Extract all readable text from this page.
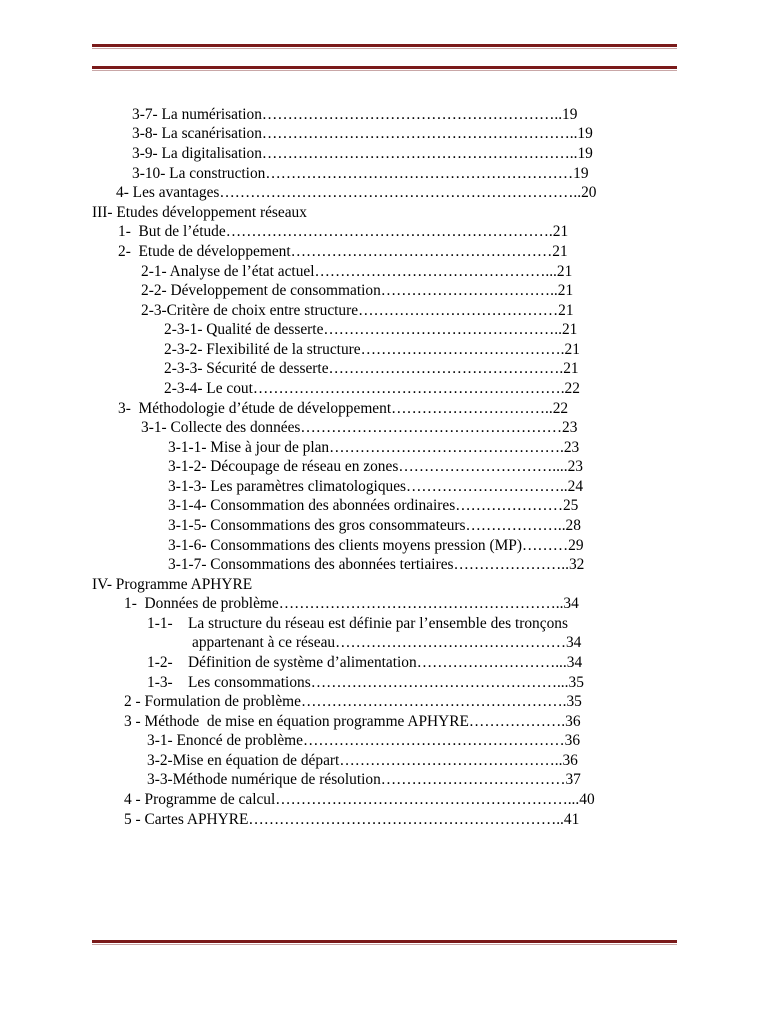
3-7- La numérisation…………………………………………………..19
3-8- La scanérisation……………………………………………………..19
3-9- La digitalisation……………………………………………………..19
3-10- La construction……………………………………………………19
4- Les avantages……………………………………………………………..20
III- Etudes développement réseaux
1-  But de l’étude……………………………………………………….21
2-  Etude de développement……………………………………………21
2-1- Analyse de l’état actuel………………………………………...21
2-2- Développement de consommation……………………………..21
2-3-Critère de choix entre structure…………………………………21
2-3-1- Qualité de desserte………………………………………..21
2-3-2- Flexibilité de la structure………………………………….21
2-3-3- Sécurité de desserte……………………………………….21
2-3-4- Le cout…………………………………………………….22
3-  Méthodologie d’étude de développement…………………………..22
3-1- Collecte des données……………………………………………23
3-1-1- Mise à jour de plan……………………………………….23
3-1-2- Découpage de réseau en zones…………………………....23
3-1-3- Les paramètres climatologiques…………………………..24
3-1-4- Consommation des abonnées ordinaires…………………25
3-1-5- Consommations des gros consommateurs………………..28
3-1-6- Consommations des clients moyens pression (MP)………29
3-1-7- Consommations des abonnées tertiaires…………………..32
IV- Programme APHYRE
1-  Données de problème………………………………………………..34
1-1-    La structure du réseau est définie par l’ensemble des tronçons
appartenant à ce réseau………………………………………34
1-2-    Définition de système d’alimentation………………………...34
1-3-    Les consommations…………………………………………...35
2 - Formulation de problème…………………………………………….35
3 - Méthode  de mise en équation programme APHYRE……………….36
3-1- Enoncé de problème……………………………………………36
3-2-Mise en équation de départ……………………………………..36
3-3-Méthode numérique de résolution………………………………37
4 - Programme de calcul…………………………………………………...40
5 - Cartes APHYRE……………………………………………………..41
